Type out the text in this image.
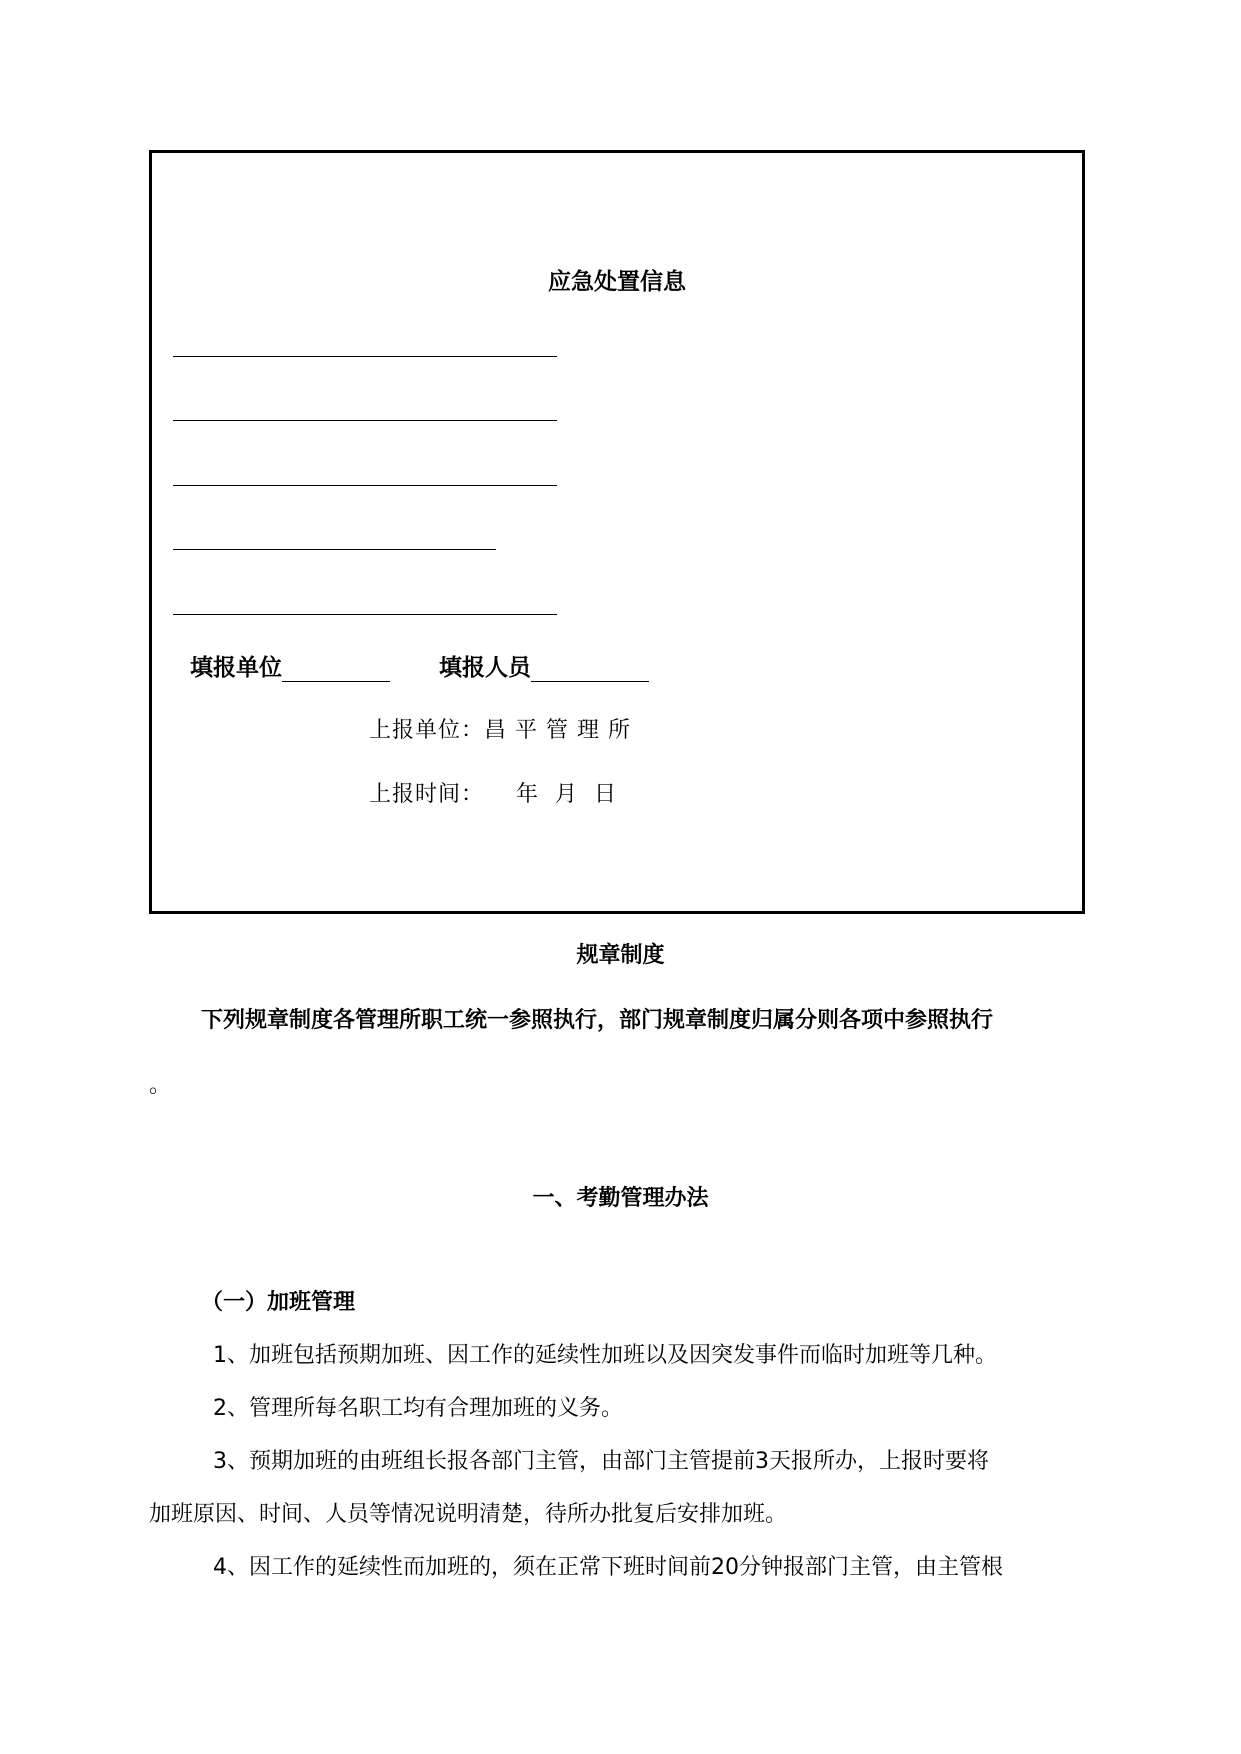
应急处置信息
填报单位	填报人员
上报单位：昌 平 管 理 所
上报时间：    年  月  日
规章制度
下列规章制度各管理所职工统一参照执行，部门规章制度归属分则各项中参照执行
。
一、考勤管理办法
（一）加班管理
1、加班包括预期加班、因工作的延续性加班以及因突发事件而临时加班等几种。
2、管理所每名职工均有合理加班的义务。
3、预期加班的由班组长报各部门主管，由部门主管提前3天报所办，上报时要将
加班原因、时间、人员等情况说明清楚，待所办批复后安排加班。
4、因工作的延续性而加班的，须在正常下班时间前20分钟报部门主管，由主管根
